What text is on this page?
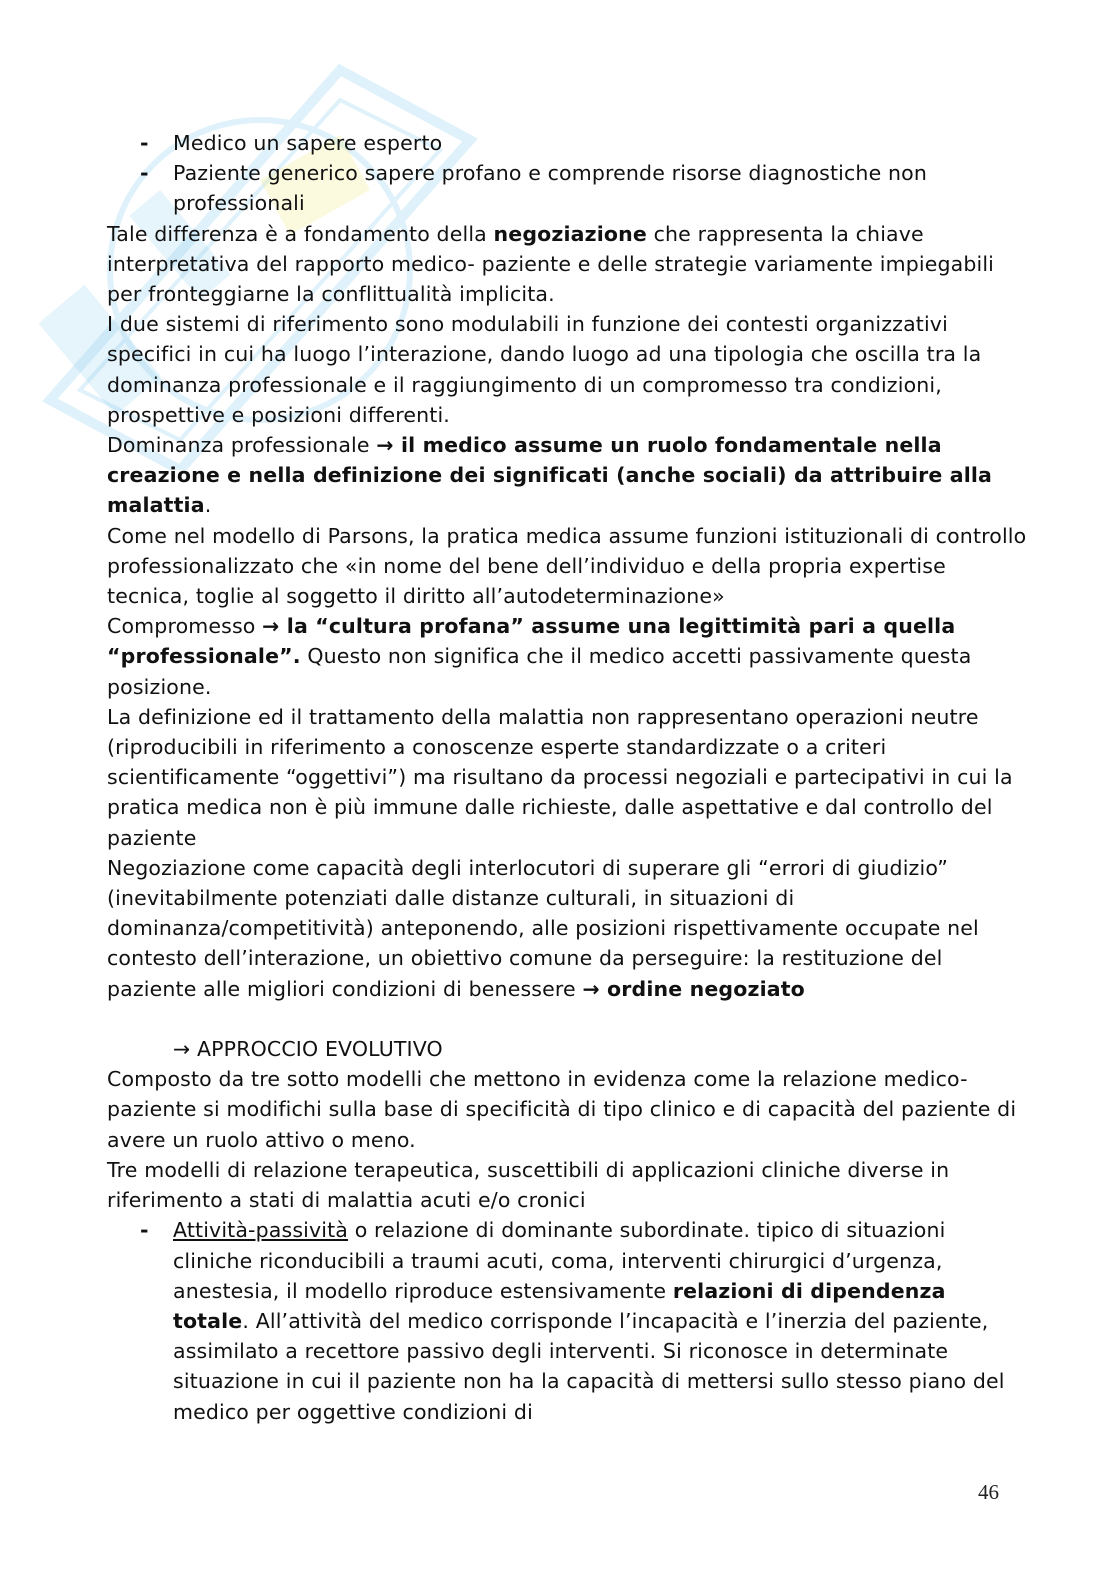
- Medico un sapere esperto

- Paziente generico sapere profano e comprende risorse diagnostiche non professionali

Tale differenza è a fondamento della negoziazione che rappresenta la chiave interpretativa del rapporto medico- paziente e delle strategie variamente impiegabili per fronteggiarne la conflittualità implicita.

I due sistemi di riferimento sono modulabili in funzione dei contesti organizzativi specifici in cui ha luogo l’interazione, dando luogo ad una tipologia che oscilla tra la dominanza professionale e il raggiungimento di un compromesso tra condizioni, prospettive e posizioni differenti.

Dominanza professionale → il medico assume un ruolo fondamentale nella creazione e nella definizione dei significati (anche sociali) da attribuire alla malattia.

Come nel modello di Parsons, la pratica medica assume funzioni istituzionali di controllo professionalizzato che «in nome del bene dell’individuo e della propria expertise tecnica, toglie al soggetto il diritto all’autodeterminazione»

Compromesso → la “cultura profana” assume una legittimità pari a quella “professionale”. Questo non significa che il medico accetti passivamente questa posizione.

La definizione ed il trattamento della malattia non rappresentano operazioni neutre (riproducibili in riferimento a conoscenze esperte standardizzate o a criteri scientificamente “oggettivi”) ma risultano da processi negoziali e partecipativi in cui la pratica medica non è più immune dalle richieste, dalle aspettative e dal controllo del paziente

Negoziazione come capacità degli interlocutori di superare gli “errori di giudizio” (inevitabilmente potenziati dalle distanze culturali, in situazioni di dominanza/competitività) anteponendo, alle posizioni rispettivamente occupate nel contesto dell’interazione, un obiettivo comune da perseguire: la restituzione del paziente alle migliori condizioni di benessere → ordine negoziato

→ APPROCCIO EVOLUTIVO

Composto da tre sotto modelli che mettono in evidenza come la relazione medico- paziente si modifichi sulla base di specificità di tipo clinico e di capacità del paziente di avere un ruolo attivo o meno.

Tre modelli di relazione terapeutica, suscettibili di applicazioni cliniche diverse in riferimento a stati di malattia acuti e/o cronici

- Attività-passività o relazione di dominante subordinate. tipico di situazioni cliniche riconducibili a traumi acuti, coma, interventi chirurgici d’urgenza, anestesia, il modello riproduce estensivamente relazioni di dipendenza totale. All’attività del medico corrisponde l’incapacità e l’inerzia del paziente, assimilato a recettore passivo degli interventi. Si riconosce in determinate situazione in cui il paziente non ha la capacità di mettersi sullo stesso piano del medico per oggettive condizioni di

46
